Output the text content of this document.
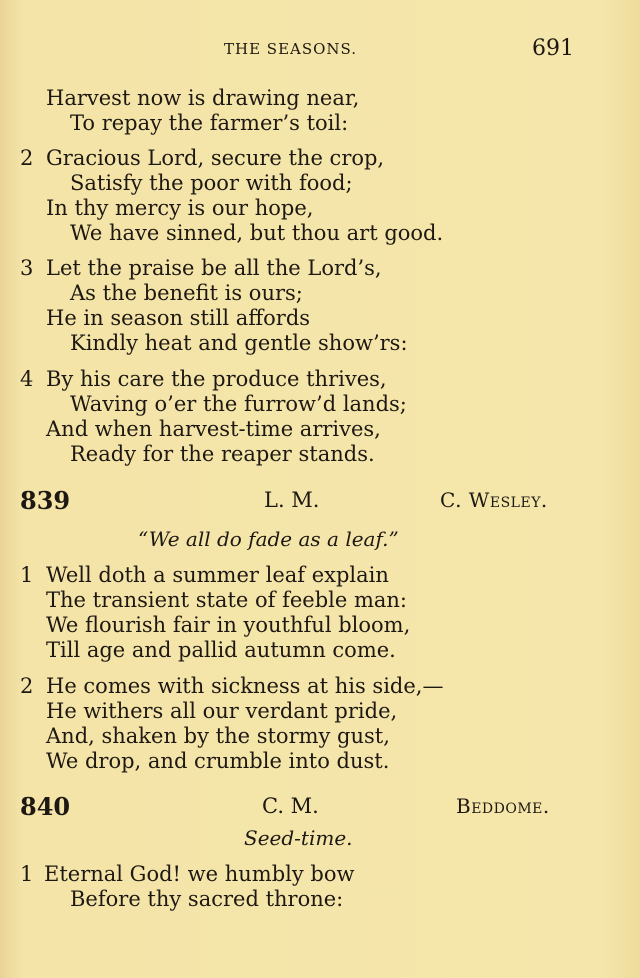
THE SEASONS.	691
Harvest now is drawing near,
To repay the farmer’s toil:
2 Gracious Lord, secure the crop,
Satisfy the poor with food;
In thy mercy is our hope,
We have sinned, but thou art good.
3 Let the praise be all the Lord’s,
As the benefit is ours;
He in season still affords
Kindly heat and gentle show’rs:
4 By his care the produce thrives,
Waving o’er the furrow’d lands;
And when harvest-time arrives,
Ready for the reaper stands.
839	L. M.	C. Wesley.
“We all do fade as a leaf.”
1 Well doth a summer leaf explain
The transient state of feeble man:
We flourish fair in youthful bloom,
Till age and pallid autumn come.
2 He comes with sickness at his side,—
He withers all our verdant pride,
And, shaken by the stormy gust,
We drop, and crumble into dust.
840	C. M.	Beddome.
Seed-time.
1 Eternal God! we humbly bow
Before thy sacred throne:
